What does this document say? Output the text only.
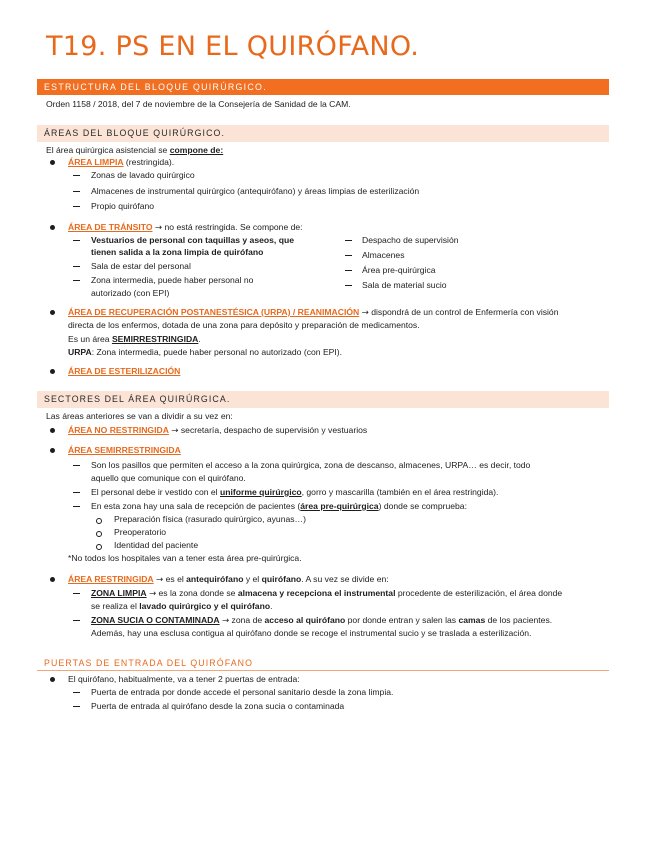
T19. PS EN EL QUIRÓFANO.
ESTRUCTURA DEL BLOQUE QUIRÚRGICO.
Orden 1158 / 2018, del 7 de noviembre de la Consejería de Sanidad de la CAM.
ÁREAS DEL BLOQUE QUIRÚRGICO.
El área quirúrgica asistencial se compone de:
ÁREA LIMPIA (restringida).
Zonas de lavado quirúrgico
Almacenes de instrumental quirúrgico (antequirófano) y áreas limpias de esterilización
Propio quirófano
ÁREA DE TRÁNSITO → no está restringida. Se compone de:
Vestuarios de personal con taquillas y aseos, que
tienen salida a la zona limpia de quirófano
Sala de estar del personal
Zona intermedia, puede haber personal no
autorizado (con EPI)
Despacho de supervisión
Almacenes
Área pre-quirúrgica
Sala de material sucio
ÁREA DE RECUPERACIÓN POSTANESTÉSICA (URPA) / REANIMACIÓN → dispondrá de un control de Enfermería con visión
directa de los enfermos, dotada de una zona para depósito y preparación de medicamentos.
Es un área SEMIRRESTRINGIDA.
URPA: Zona intermedia, puede haber personal no autorizado (con EPI).
ÁREA DE ESTERILIZACIÓN
SECTORES DEL ÁREA QUIRÚRGICA.
Las áreas anteriores se van a dividir a su vez en:
ÁREA NO RESTRINGIDA → secretaría, despacho de supervisión y vestuarios
ÁREA SEMIRRESTRINGIDA
Son los pasillos que permiten el acceso a la zona quirúrgica, zona de descanso, almacenes, URPA… es decir, todo
aquello que comunique con el quirófano.
El personal debe ir vestido con el uniforme quirúrgico, gorro y mascarilla (también en el área restringida).
En esta zona hay una sala de recepción de pacientes (área pre-quirúrgica) donde se comprueba:
Preparación física (rasurado quirúrgico, ayunas…)
Preoperatorio
Identidad del paciente
*No todos los hospitales van a tener esta área pre-quirúrgica.
ÁREA RESTRINGIDA → es el antequirófano y el quirófano. A su vez se divide en:
ZONA LIMPIA → es la zona donde se almacena y recepciona el instrumental procedente de esterilización, el área donde
se realiza el lavado quirúrgico y el quirófano.
ZONA SUCIA O CONTAMINADA → zona de acceso al quirófano por donde entran y salen las camas de los pacientes.
Además, hay una esclusa contigua al quirófano donde se recoge el instrumental sucio y se traslada a esterilización.
PUERTAS DE ENTRADA DEL QUIRÓFANO
El quirófano, habitualmente, va a tener 2 puertas de entrada:
Puerta de entrada por donde accede el personal sanitario desde la zona limpia.
Puerta de entrada al quirófano desde la zona sucia o contaminada
